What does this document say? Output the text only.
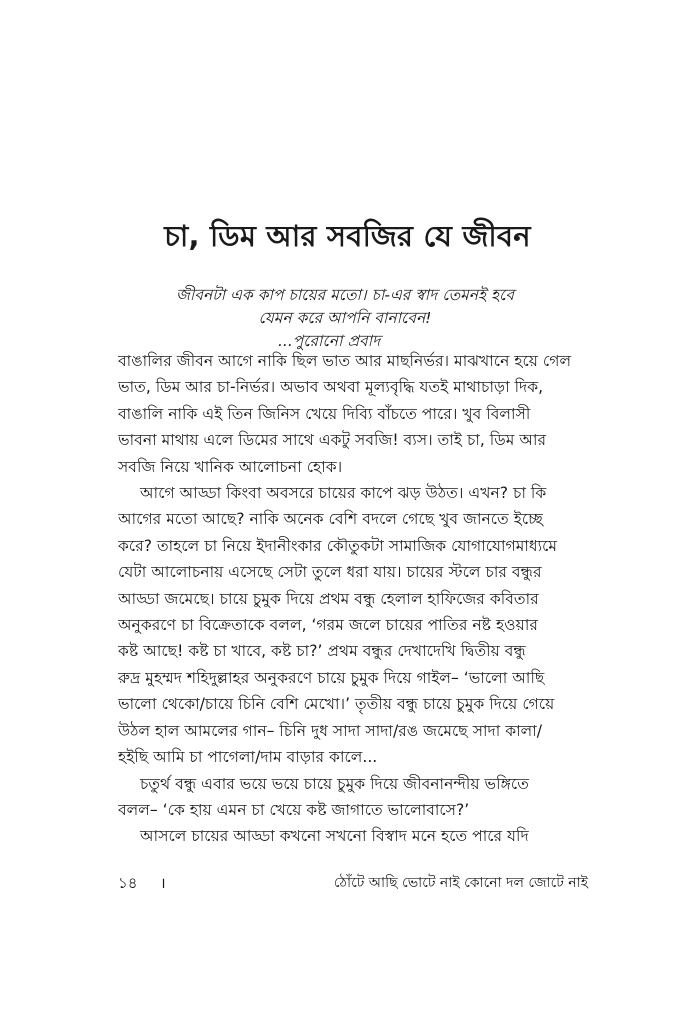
চা, ডিম আর সবজির যে জীবন
জীবনটা এক কাপ চায়ের মতো। চা-এর স্বাদ তেমনই হবে
যেমন করে আপনি বানাবেন!
...পুরোনো প্রবাদ

বাঙালির জীবন আগে নাকি ছিল ভাত আর মাছনির্ভর। মাঝখানে হয়ে গেল
ভাত, ডিম আর চা-নির্ভর। অভাব অথবা মূল্যবৃদ্ধি যতই মাথাচাড়া দিক,
বাঙালি নাকি এই তিন জিনিস খেয়ে দিব্যি বাঁচতে পারে। খুব বিলাসী
ভাবনা মাথায় এলে ডিমের সাথে একটু সবজি! ব্যস। তাই চা, ডিম আর
সবজি নিয়ে খানিক আলোচনা হোক।

আগে আড্ডা কিংবা অবসরে চায়ের কাপে ঝড় উঠত। এখন? চা কি
আগের মতো আছে? নাকি অনেক বেশি বদলে গেছে খুব জানতে ইচ্ছে
করে? তাহলে চা নিয়ে ইদানীংকার কৌতুকটা সামাজিক যোগাযোগমাধ্যমে
যেটা আলোচনায় এসেছে সেটা তুলে ধরা যায়। চায়ের স্টলে চার বন্ধুর
আড্ডা জমেছে। চায়ে চুমুক দিয়ে প্রথম বন্ধু হেলাল হাফিজের কবিতার
অনুকরণে চা বিক্রেতাকে বলল, ‘গরম জলে চায়ের পাতির নষ্ট হওয়ার
কষ্ট আছে! কষ্ট চা খাবে, কষ্ট চা?’ প্রথম বন্ধুর দেখাদেখি দ্বিতীয় বন্ধু
রুদ্র মুহম্মদ শহিদুল্লাহর অনুকরণে চায়ে চুমুক দিয়ে গাইল– ‘ভালো আছি
ভালো থেকো/চায়ে চিনি বেশি মেখো।’ তৃতীয় বন্ধু চায়ে চুমুক দিয়ে গেয়ে
উঠল হাল আমলের গান– চিনি দুধ সাদা সাদা/রঙ জমেছে সাদা কালা/
হইছি আমি চা পাগেলা/দাম বাড়ার কালে...

চতুর্থ বন্ধু এবার ভয়ে ভয়ে চায়ে চুমুক দিয়ে জীবনানন্দীয় ভঙ্গিতে
বলল– ‘কে হায় এমন চা খেয়ে কষ্ট জাগাতে ভালোবাসে?’

আসলে চায়ের আড্ডা কখনো সখনো বিস্বাদ মনে হতে পারে যদি

১৪ ।	ঠোঁটে আছি ভোটে নাই কোনো দল জোটে নাই
